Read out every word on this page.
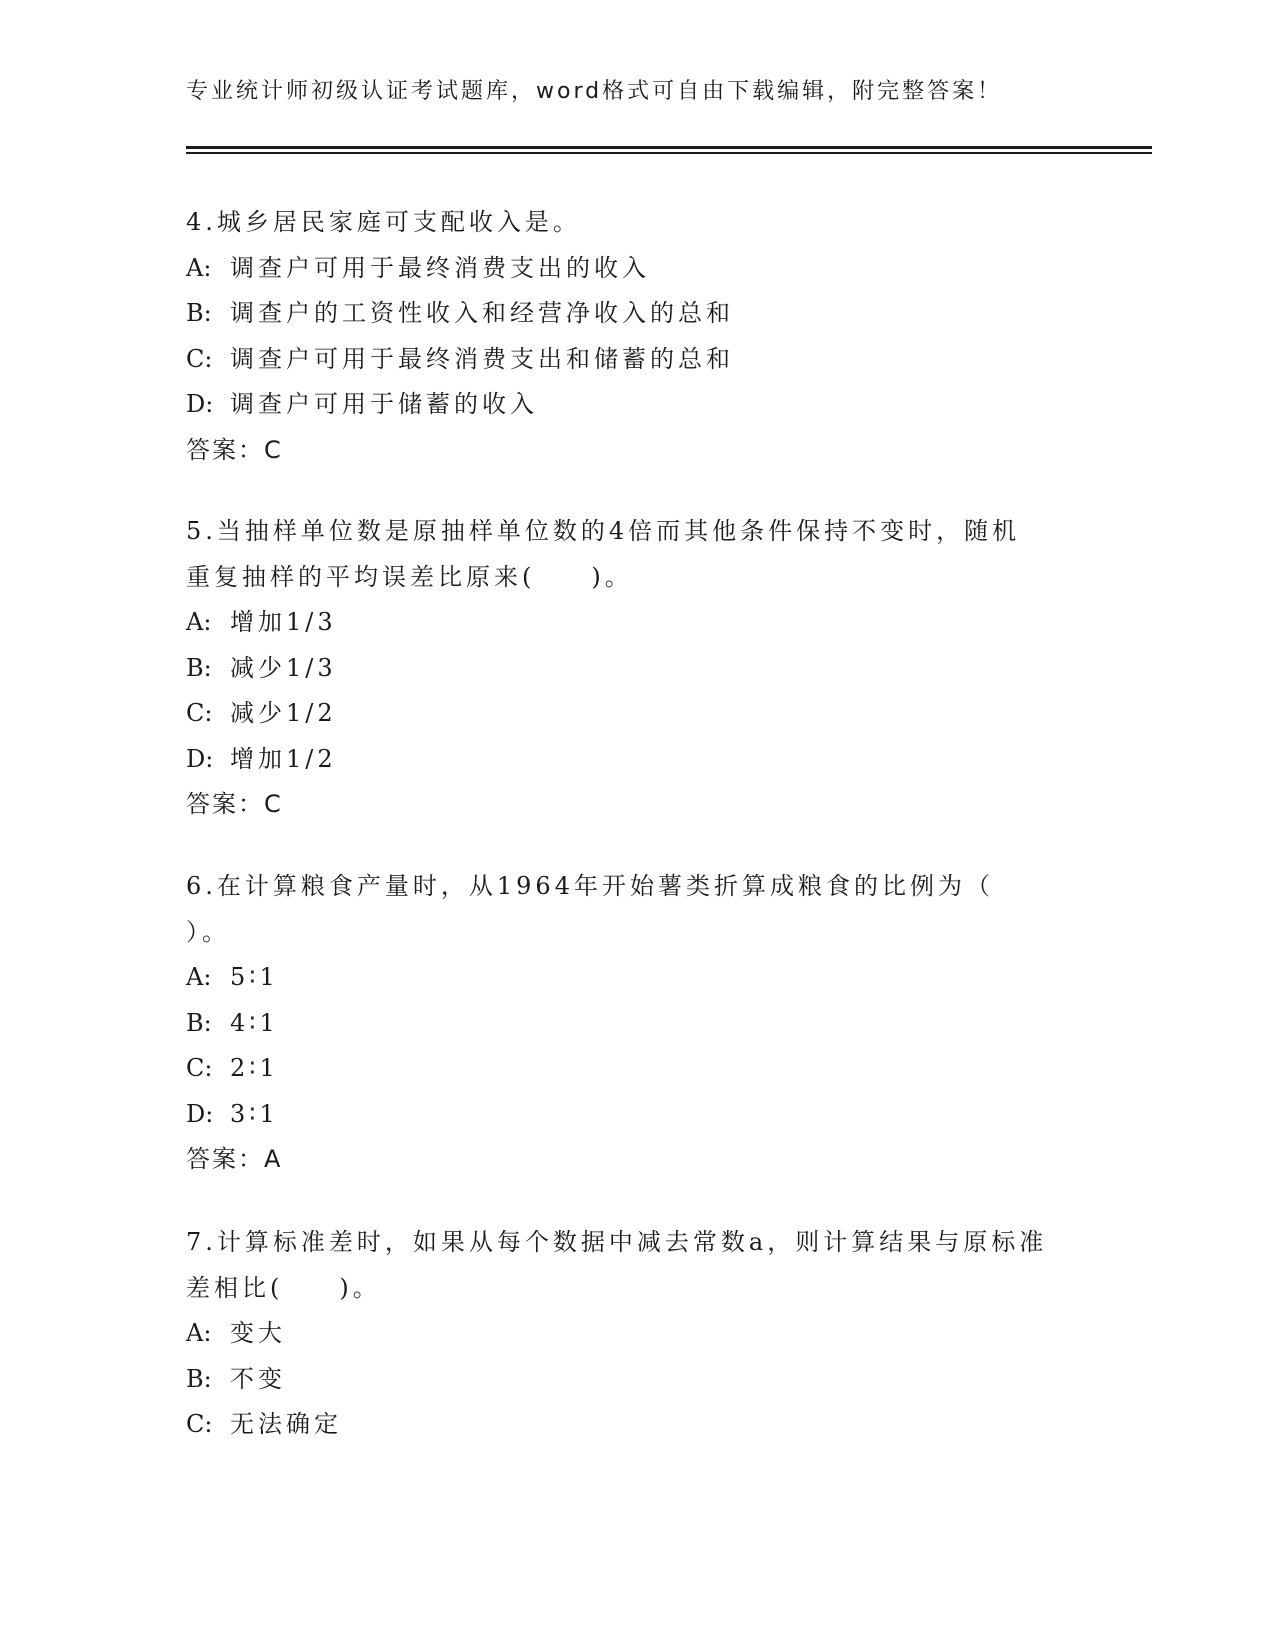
专业统计师初级认证考试题库，word格式可自由下载编辑，附完整答案！
4.城乡居民家庭可支配收入是。
A: 调查户可用于最终消费支出的收入
B: 调查户的工资性收入和经营净收入的总和
C: 调查户可用于最终消费支出和储蓄的总和
D: 调查户可用于储蓄的收入
答案：C
5.当抽样单位数是原抽样单位数的4倍而其他条件保持不变时，随机
重复抽样的平均误差比原来(　　)。
A: 增加1/3
B: 减少1/3
C: 减少1/2
D: 增加1/2
答案：C
6.在计算粮食产量时，从1964年开始薯类折算成粮食的比例为（
）。
A: 5∶1
B: 4∶1
C: 2∶1
D: 3∶1
答案：A
7.计算标准差时，如果从每个数据中减去常数a，则计算结果与原标准
差相比(　　)。
A: 变大
B: 不变
C: 无法确定
